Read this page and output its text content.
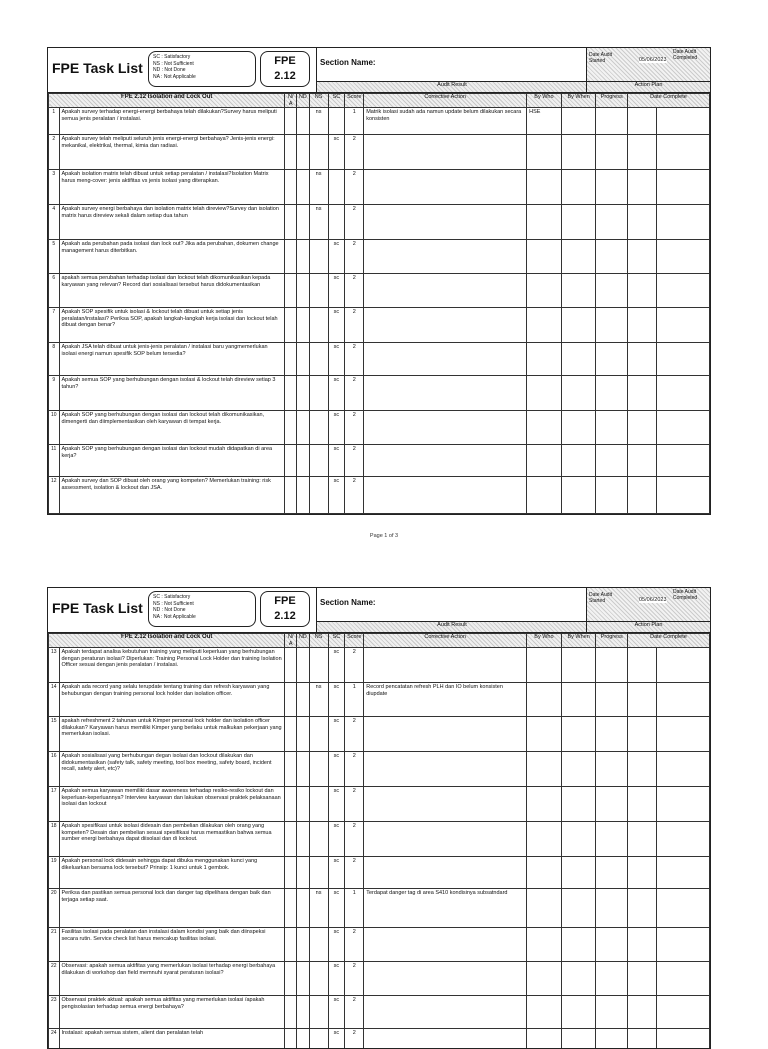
FPE Task List
SC : Satisfactory
NS : Not Sufficient
ND : Not Done
NA : Not Applicable
FPE
2.12
Section Name:
Audit Result
Date Audit Started	05/06/2023
Date Audit Completed
Action Plan
FPE 2.12 Isolation and Lock Out		N/A	ND	NS	SC	Score	Corrective Action	By Who	By When	Progress	Date Complete	
1	Apakah survey terhadap energi-energi berbahaya telah dilakukan?Survey harus meliputi semua jenis peralatan / instalasi.			ns		1	Matrik isolasi sudah ada namun update belum dilakukan secara konsisten	HSE				
2	Apakah survey telah meliputi seluruh jenis energi-energi berbahaya? Jenis-jenis energi: mekanikal, elektrikal, thermal, kimia dan radiasi.				sc	2						
3	Apakah isolation matrix telah dibuat untuk setiap peralatan / instalasi?Isolation Matrix harus meng-cover: jenis aktifitas vs jenis isolasi yang diterapkan.			ns		2						
4	Apakah survey energi berbahaya dan isolation matrix telah direview?Survey dan isolation matrix harus direview sekali dalam setiap dua tahun			ns		2						
5	Apakah ada perubahan pada isolasi dan lock out? Jika ada perubahan, dokumen change management harus diterbitkan.				sc	2						
6	apakah semua perubahan terhadap isolasi dan lockout telah dikomunikasikan kepada karyawan yang relevan? Record dari sosialisasi tersebut harus didokumentasikan				sc	2						
7	Apakah SOP spesifik untuk isolasi & lockout telah dibuat untuk setiap jenis peralatan/instalasi? Periksa SOP, apakah langkah-langkah kerja isolasi dan lockout telah dibuat dengan benar?				sc	2						
8	Apakah JSA telah dibuat untuk jenis-jenis peralatan / instalasi baru yangmemerlukan isolasi energi namun spesifik SOP belum tersedia?				sc	2						
9	Apakah semua SOP yang berhubungan dengan isolasi & lockout telah direview setiap 3 tahun?				sc	2						
10	Apakah SOP yang berhubungan dengan isolasi dan lockout telah dikomunikasikan, dimengerti dan diimplementasikan oleh karyawan di tempat kerja.				sc	2						
11	Apakah SOP yang berhubungan dengan isolasi dan lockout mudah didapatkan di area kerja?				sc	2						
12	Apakah survey dan SOP dibuat oleh orang yang kompeten? Memerlukan training: risk assessment, isolation & lockout dan JSA.				sc	2						
Page 1 of 3
FPE Task List
SC : Satisfactory
NS : Not Sufficient
ND : Not Done
NA : Not Applicable
FPE
2.12
Section Name:
Audit Result
Date Audit Started	05/06/2023
Date Audit Completed
Action Plan
FPE 2.12 Isolation and Lock Out		N/A	ND	NS	SC	Score	Corrective Action	By Who	By When	Progress	Date Complete	
13	Apakah terdapat analisa kebutuhan training yang meliputi keperluan yang berhubungan dengan peraturan isolasi? Diperlukan: Training Personal Lock Holder dan training Isolation Officer sesuai dengan jenis peralatan / instalasi.				sc	2						
14	Apakah ada record yang selalu terupdate tentang training dan refresh karyawan yang behubungan dengan training personal lock holder dan isolation officer.			ns	sc	1	Record pencatatan refresh PLH dan IO belum konsisten diupdate					
15	apakah refreshment 2 tahunan untuk Kimper personal lock holder dan isolation officer dilakukan? Karyawan harus memiliki Kimper yang berlaku untuk malkukan pekerjaan yang memerlukan isolasi.				sc	2						
16	Apakah sosialisasi yang berhubungan degan isolasi dan lockout dilakukan dan didokumentasikan (safety talk, safety meeting, tool box meeting, safety board, incident recall, safety alert, etc)?				sc	2						
17	Apakah semua karyawan memiliki dasar awareness terhadap resiko-resiko lockout dan keperluan-keperluannya? Interview karyawan dan lakukan observasi praktek pelaksanaan isolasi dan lockout				sc	2						
18	Apakah spesifikasi untuk isolasi didesain dan pembelian dilakukan oleh orang yang kompeten? Desain dan pembelian sesuai spesifikasi harus memastikan bahwa semua sumber energi berbahaya dapat diisolasi dan di lockout.				sc	2						
19	Apakah personal lock didesain sehingga dapat dibuka menggunakan kunci yang dikeluarkan bersama lock tersebut? Prinsip: 1 kunci untuk 1 gembok.				sc	2						
20	Periksa dan pastikan semua personal lock dan danger tag dipelihara dengan baik dan terjaga setiap saat.			ns	sc	1	Terdapat danger tag di area S410 kondisinya subsatndard					
21	Fasilitas isolasi pada peralatan dan instalasi dalam kondisi yang baik dan diinspeksi secara rutin. Service check list harus mencakup fasilitas isolasi.				sc	2						
22	Observasi: apakah semua aktifitas yang memerlukan isolasi terhadap energi berbahaya dilakukan di workshop dan field memnuhi syarat peraturan isolasi?				sc	2						
23	Observasi praktek aktual: apakah semua aktifitas yang memerlukan isolasi /apakah pengisolasian terhadap semua energi berbahaya?				sc	2						
24	Instalasi: apakah semua sistem, alient dan peralatan telah				sc	2						
